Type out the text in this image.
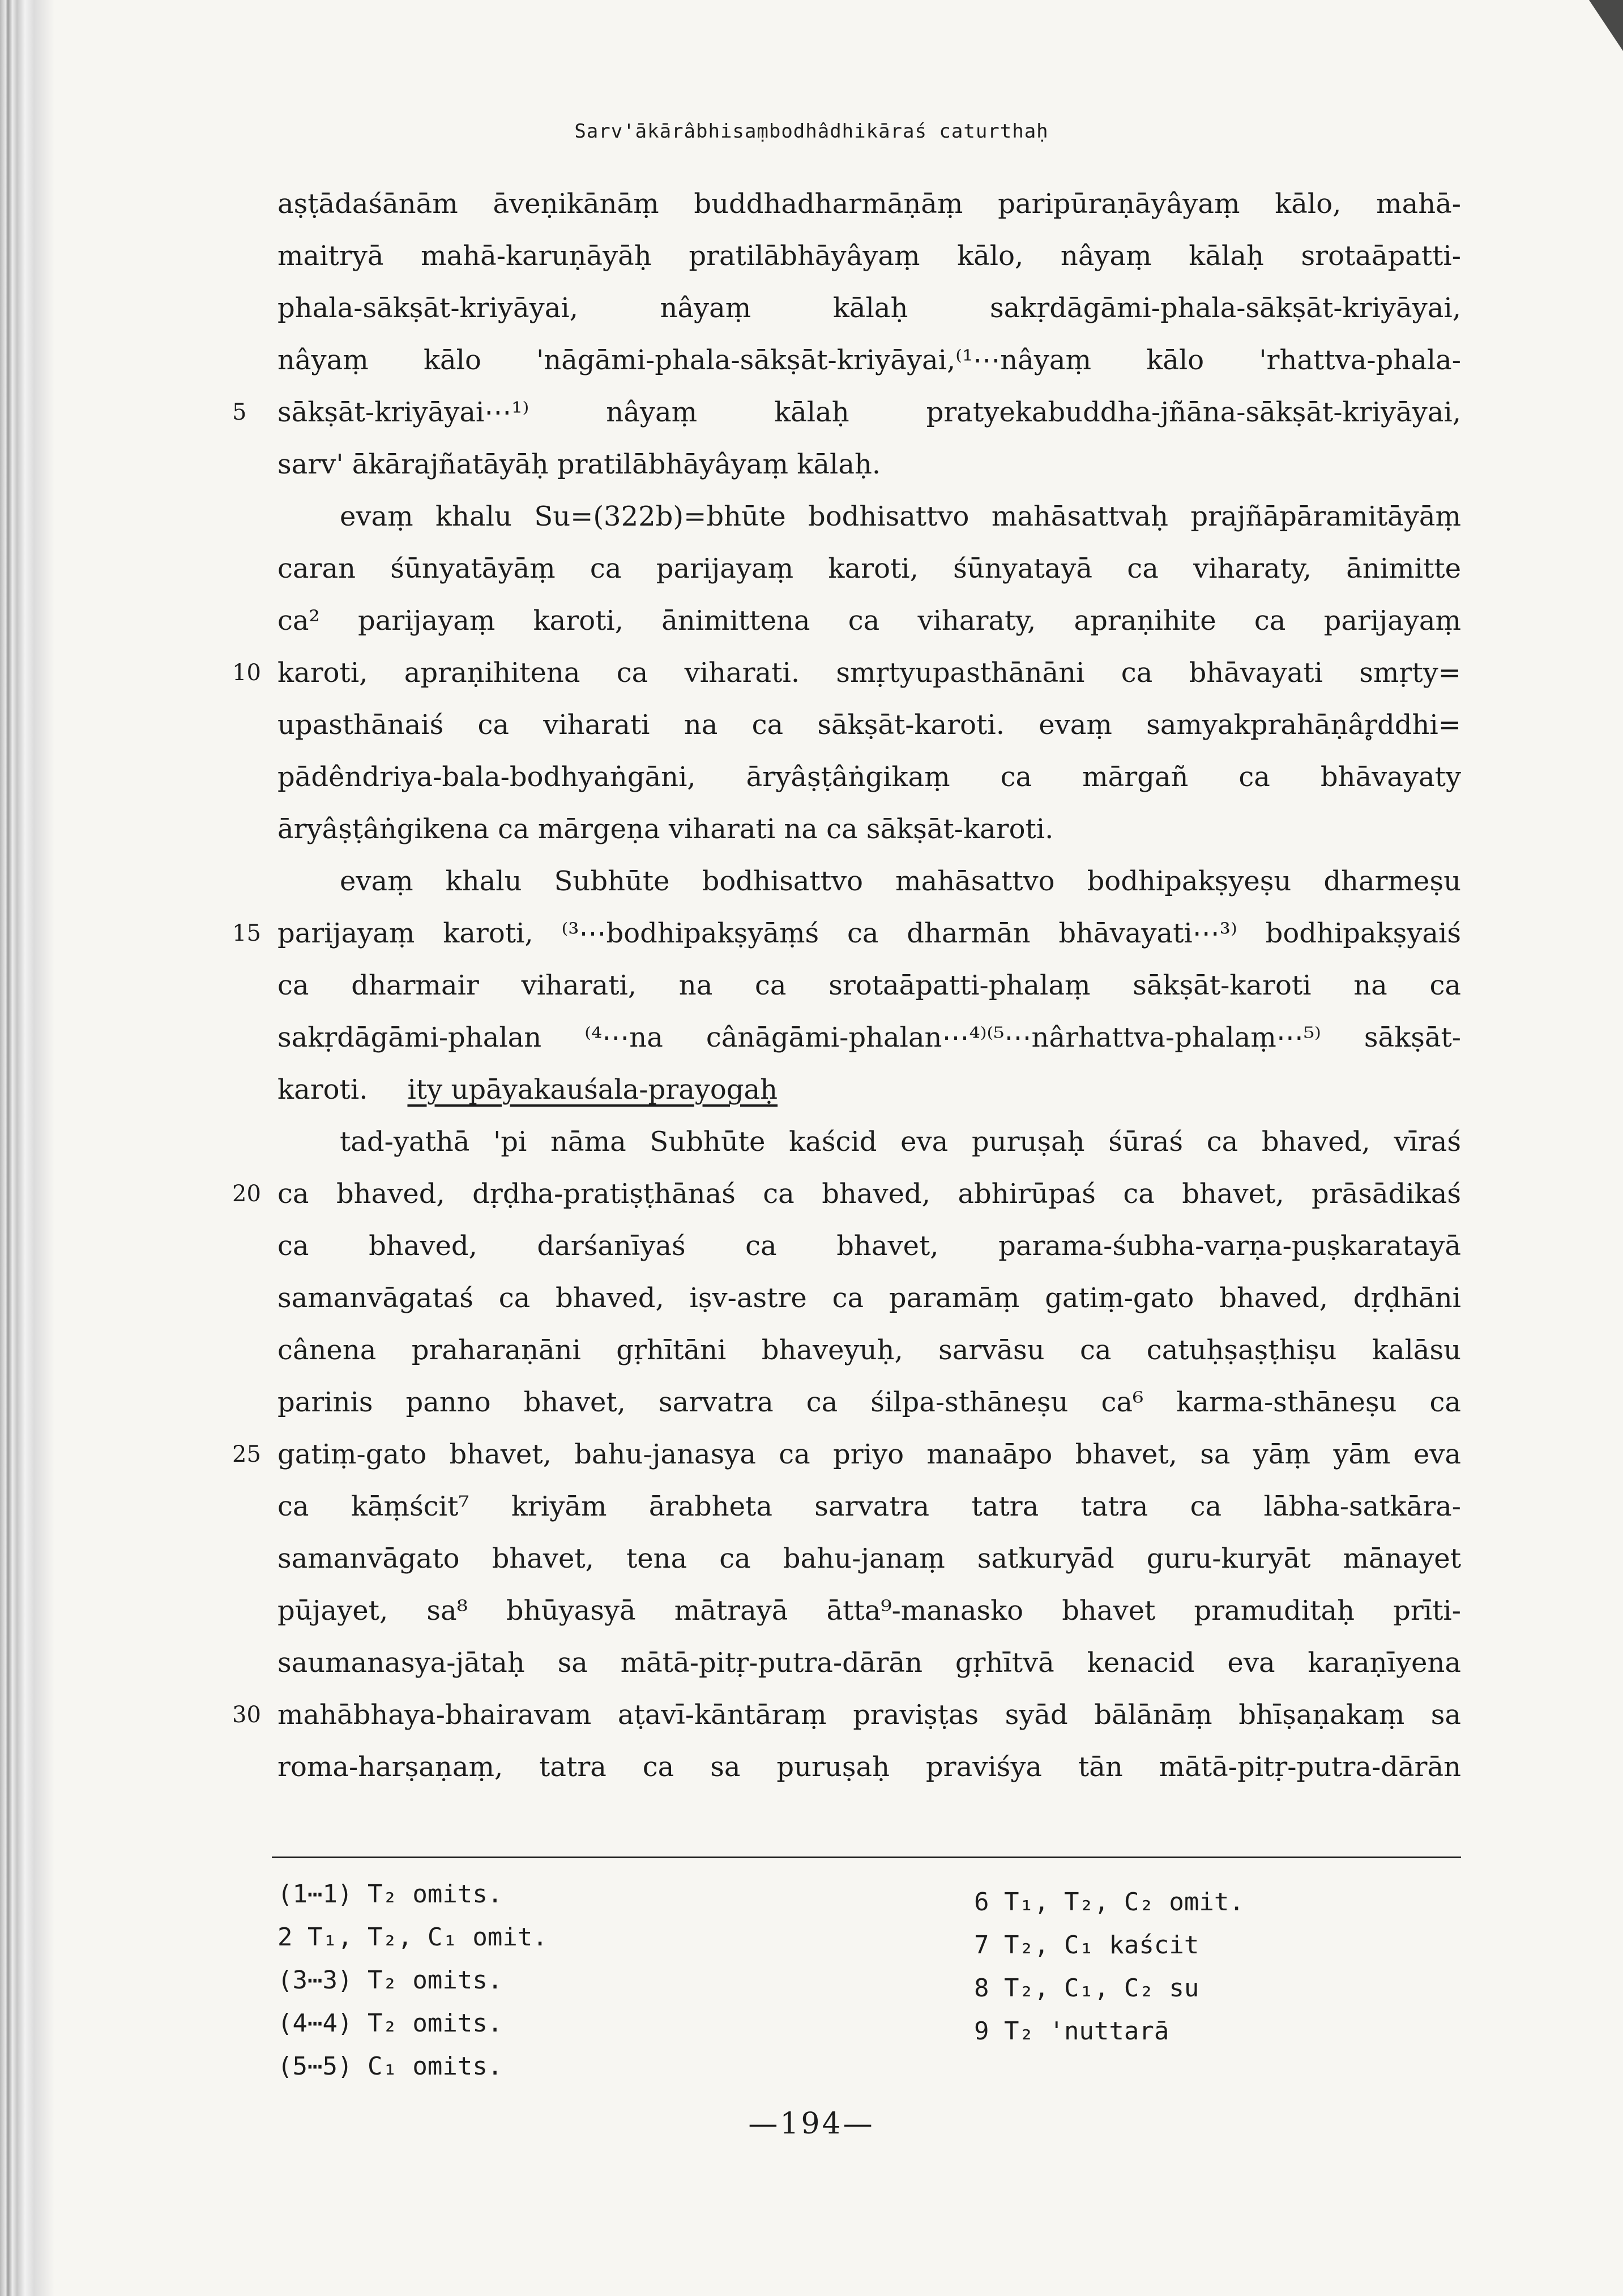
Sarv'ākārâbhisaṃbodhâdhikāraś caturthaḥ
aṣṭādaśānām āveṇikānāṃ buddhadharmāṇāṃ paripūraṇāyâyaṃ kālo, mahā-
maitryā mahā-karuṇāyāḥ pratilābhāyâyaṃ kālo, nâyaṃ kālaḥ srotaāpatti-
phala-sākṣāt-kriyāyai, nâyaṃ kālaḥ sakṛdāgāmi-phala-sākṣāt-kriyāyai,
nâyaṃ kālo 'nāgāmi-phala-sākṣāt-kriyāyai,⁽¹⋯nâyaṃ kālo 'rhattva-phala-
5	sākṣāt-kriyāyai⋯¹⁾ nâyaṃ kālaḥ pratyekabuddha-jñāna-sākṣāt-kriyāyai,
sarv' ākārajñatāyāḥ pratilābhāyâyaṃ kālaḥ.
evaṃ khalu Su=(322b)=bhūte bodhisattvo mahāsattvaḥ prajñāpāramitāyāṃ
caran śūnyatāyāṃ ca parijayaṃ karoti, śūnyatayā ca viharaty, ānimitte
ca² parijayaṃ karoti, ānimittena ca viharaty, apraṇihite ca parijayaṃ
10 karoti, apraṇihitena ca viharati. smṛtyupasthānāni ca bhāvayati smṛty=
upasthānaiś ca viharati na ca sākṣāt-karoti. evaṃ samyakprahāṇâr̥ddhi=
pādêndriya-bala-bodhyaṅgāni, āryâṣṭâṅgikaṃ ca mārgañ ca bhāvayaty
āryâṣṭâṅgikena ca mārgeṇa viharati na ca sākṣāt-karoti.
evaṃ khalu Subhūte bodhisattvo mahāsattvo bodhipakṣyeṣu dharmeṣu
15 parijayaṃ karoti, ⁽³⋯bodhipakṣyāṃś ca dharmān bhāvayati⋯³⁾ bodhipakṣyaiś
ca dharmair viharati, na ca srotaāpatti-phalaṃ sākṣāt-karoti na ca
sakṛdāgāmi-phalan ⁽⁴⋯na cânāgāmi-phalan⋯⁴⁾⁽⁵⋯nârhattva-phalaṃ⋯⁵⁾ sākṣāt-
karoti. ity upāyakauśala-prayogaḥ
tad-yathā 'pi nāma Subhūte kaścid eva puruṣaḥ śūraś ca bhaved, vīraś
20 ca bhaved, dṛḍha-pratiṣṭhānaś ca bhaved, abhirūpaś ca bhavet, prāsādikaś
ca bhaved, darśanīyaś ca bhavet, parama-śubha-varṇa-puṣkaratayā
samanvāgataś ca bhaved, iṣv-astre ca paramāṃ gatiṃ-gato bhaved, dṛḍhāni
cânena praharaṇāni gṛhītāni bhaveyuḥ, sarvāsu ca catuḥṣaṣṭhiṣu kalāsu
parinis panno bhavet, sarvatra ca śilpa-sthāneṣu ca⁶ karma-sthāneṣu ca
25 gatiṃ-gato bhavet, bahu-janasya ca priyo manaāpo bhavet, sa yāṃ yām eva
ca kāṃścit⁷ kriyām ārabheta sarvatra tatra tatra ca lābha-satkāra-
samanvāgato bhavet, tena ca bahu-janaṃ satkuryād guru-kuryāt mānayet
pūjayet, sa⁸ bhūyasyā mātrayā ātta⁹-manasko bhavet pramuditaḥ prīti-
saumanasya-jātaḥ sa mātā-pitṛ-putra-dārān gṛhītvā kenacid eva karaṇīyena
30 mahābhaya-bhairavam aṭavī-kāntāraṃ praviṣṭas syād bālānāṃ bhīṣaṇakaṃ sa
roma-harṣaṇaṃ, tatra ca sa puruṣaḥ praviśya tān mātā-pitṛ-putra-dārān
(1⋯1) T₂ omits.
2 T₁, T₂, C₁ omit.
(3⋯3) T₂ omits.
(4⋯4) T₂ omits.
(5⋯5) C₁ omits.
6 T₁, T₂, C₂ omit.
7 T₂, C₁ kaścit
8 T₂, C₁, C₂ su
9 T₂ 'nuttarā
—194—
